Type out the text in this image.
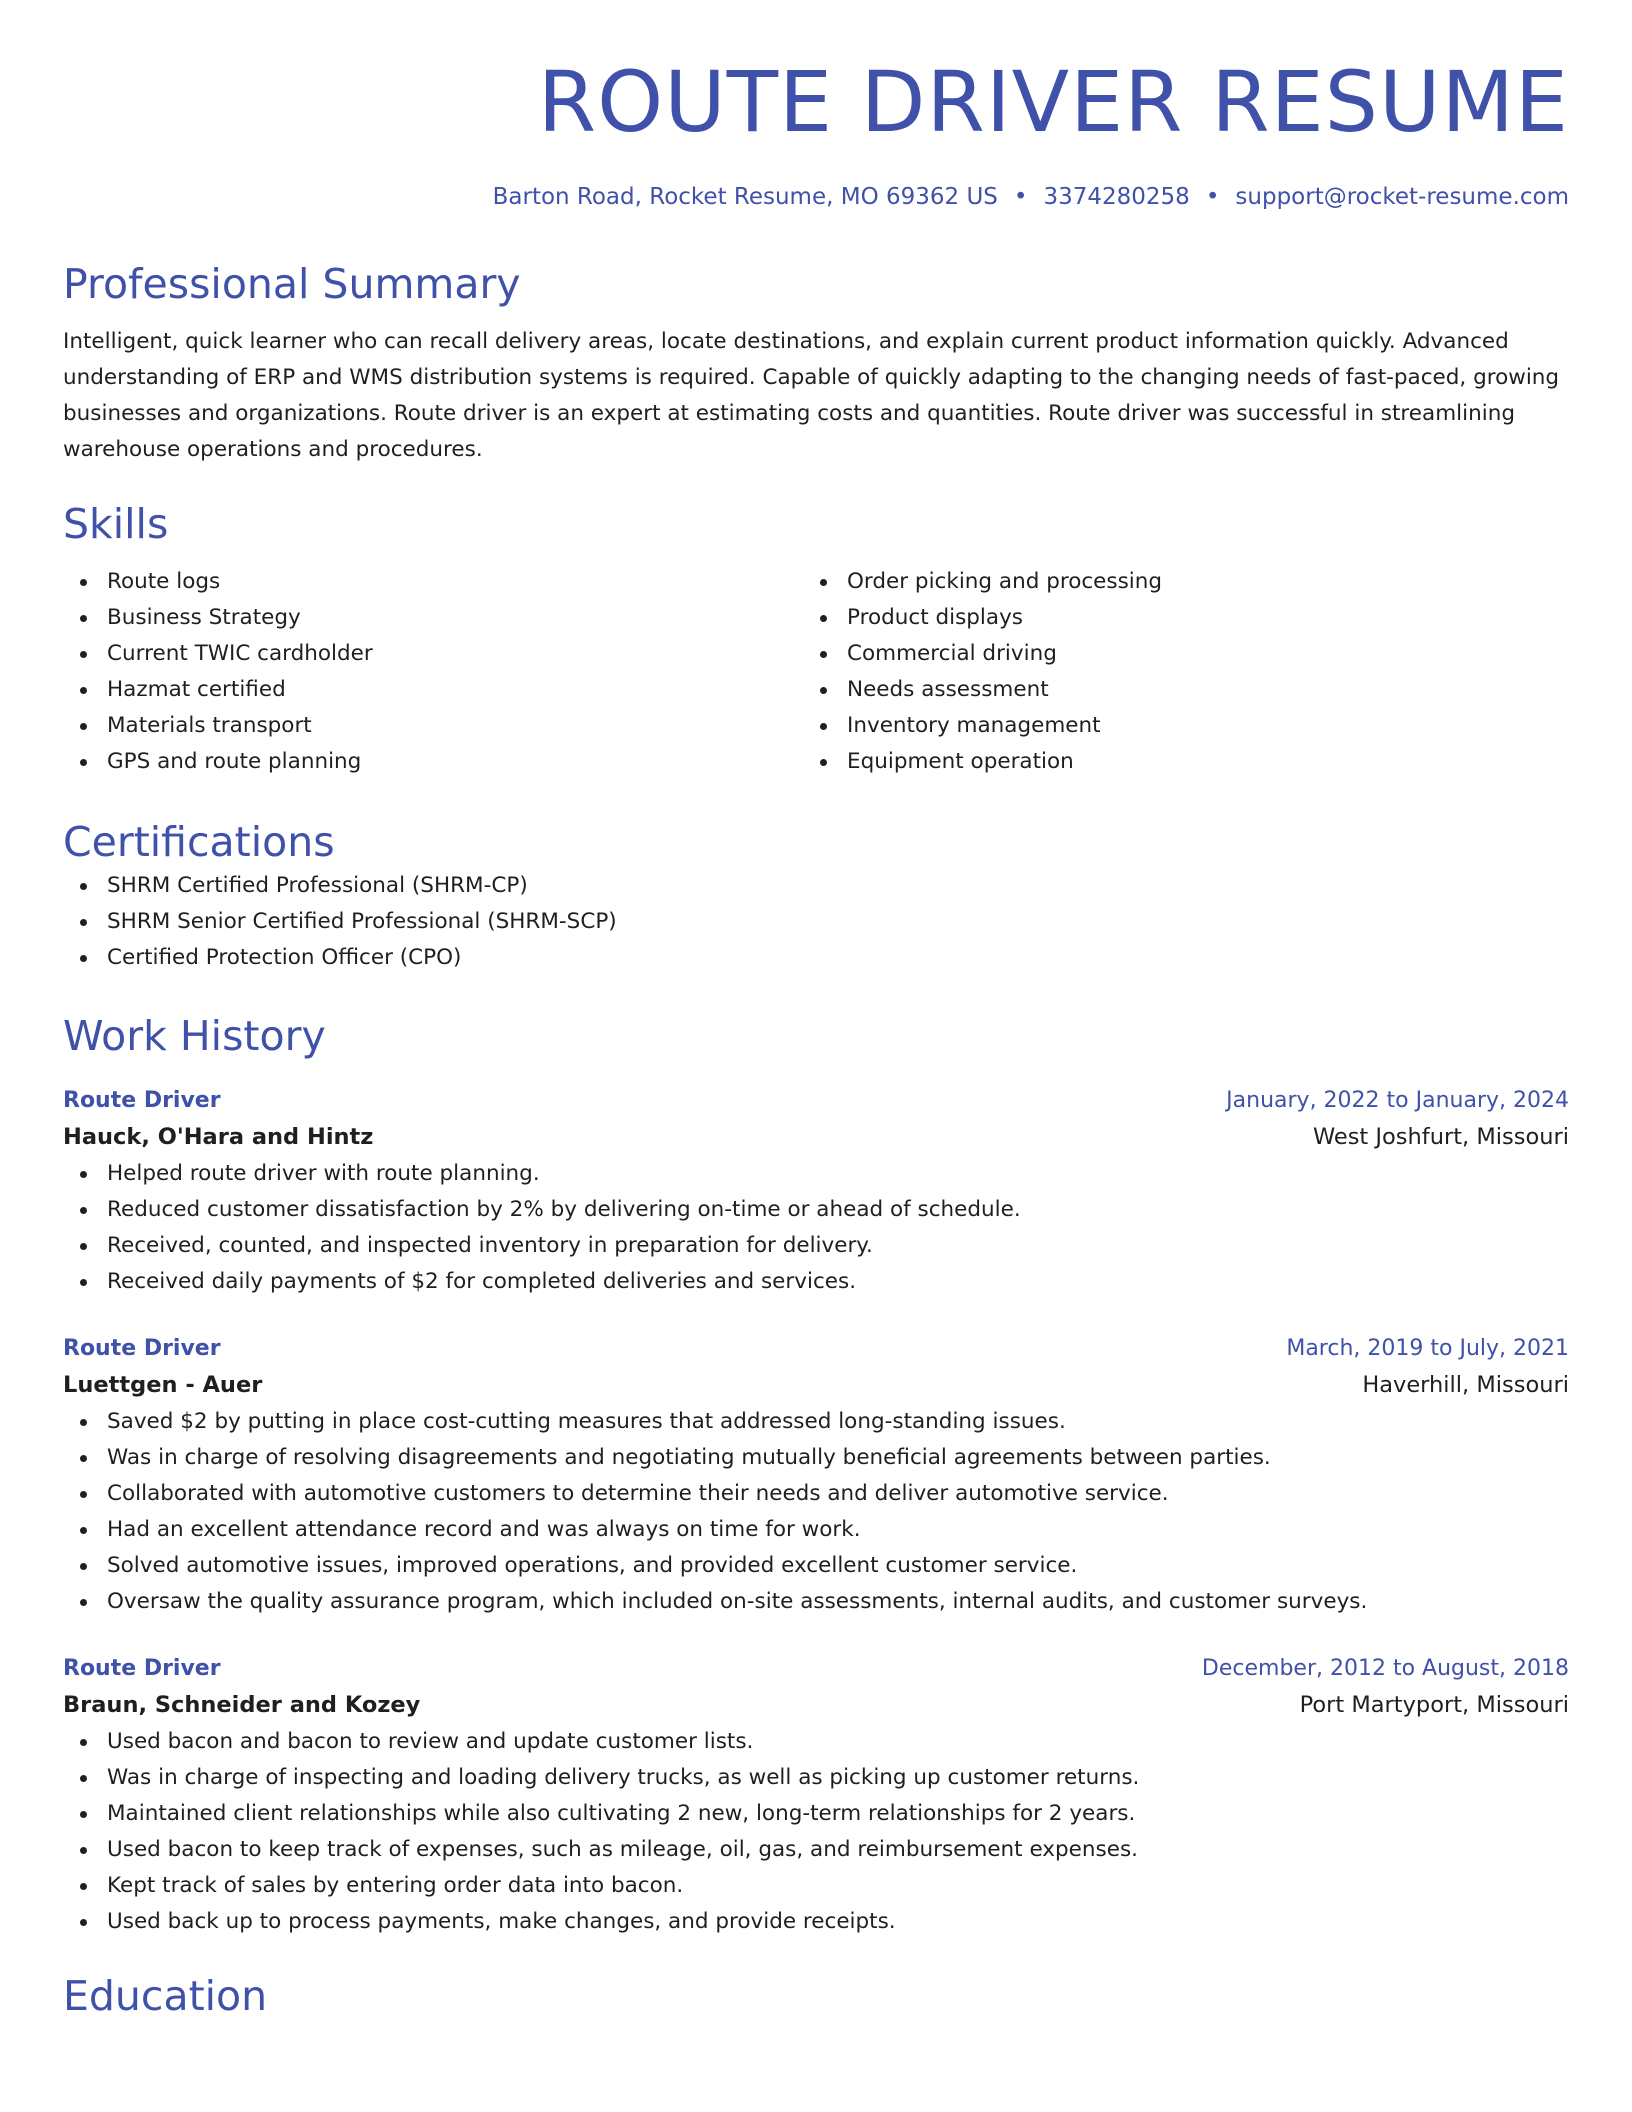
ROUTE DRIVER RESUME
Barton Road, Rocket Resume, MO 69362 US • 3374280258 • support@rocket-resume.com
Professional Summary
Intelligent, quick learner who can recall delivery areas, locate destinations, and explain current product information quickly. Advanced understanding of ERP and WMS distribution systems is required. Capable of quickly adapting to the changing needs of fast-paced, growing businesses and organizations. Route driver is an expert at estimating costs and quantities. Route driver was successful in streamlining warehouse operations and procedures.
Skills
Route logs
Business Strategy
Current TWIC cardholder
Hazmat certified
Materials transport
GPS and route planning
Order picking and processing
Product displays
Commercial driving
Needs assessment
Inventory management
Equipment operation
Certifications
SHRM Certified Professional (SHRM-CP)
SHRM Senior Certified Professional (SHRM-SCP)
Certified Protection Officer (CPO)
Work History
Route Driver	January, 2022 to January, 2024
Hauck, O'Hara and Hintz	West Joshfurt, Missouri
Helped route driver with route planning.
Reduced customer dissatisfaction by 2% by delivering on-time or ahead of schedule.
Received, counted, and inspected inventory in preparation for delivery.
Received daily payments of $2 for completed deliveries and services.
Route Driver	March, 2019 to July, 2021
Luettgen - Auer	Haverhill, Missouri
Saved $2 by putting in place cost-cutting measures that addressed long-standing issues.
Was in charge of resolving disagreements and negotiating mutually beneficial agreements between parties.
Collaborated with automotive customers to determine their needs and deliver automotive service.
Had an excellent attendance record and was always on time for work.
Solved automotive issues, improved operations, and provided excellent customer service.
Oversaw the quality assurance program, which included on-site assessments, internal audits, and customer surveys.
Route Driver	December, 2012 to August, 2018
Braun, Schneider and Kozey	Port Martyport, Missouri
Used bacon and bacon to review and update customer lists.
Was in charge of inspecting and loading delivery trucks, as well as picking up customer returns.
Maintained client relationships while also cultivating 2 new, long-term relationships for 2 years.
Used bacon to keep track of expenses, such as mileage, oil, gas, and reimbursement expenses.
Kept track of sales by entering order data into bacon.
Used back up to process payments, make changes, and provide receipts.
Education
